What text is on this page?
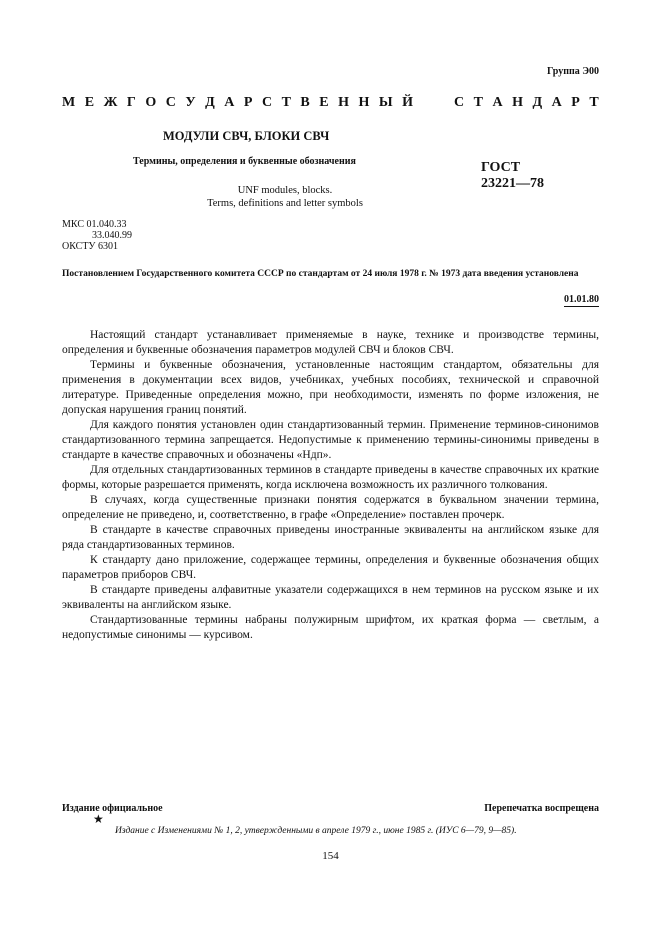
Группа Э00
М Е Ж Г О С У Д А Р С Т В Е Н Н Ы Й	С Т А Н Д А Р Т
МОДУЛИ СВЧ, БЛОКИ СВЧ
Термины, определения и буквенные обозначения
UNF modules, blocks.
Terms, definitions and letter symbols
ГОСТ
23221—78
МКС 01.040.33
33.040.99
ОКСТУ 6301
Постановлением Государственного комитета СССР по стандартам от 24 июля 1978 г. № 1973 дата введения установлена
01.01.80

Настоящий стандарт устанавливает применяемые в науке, технике и производстве термины, определения и буквенные обозначения параметров модулей СВЧ и блоков СВЧ.

Термины и буквенные обозначения, установленные настоящим стандартом, обязательны для применения в документации всех видов, учебниках, учебных пособиях, технической и справочной литературе. Приведенные определения можно, при необходимости, изменять по форме изложения, не допуская нарушения границ понятий.

Для каждого понятия установлен один стандартизованный термин. Применение терминов-синонимов стандартизованного термина запрещается. Недопустимые к применению термины-синонимы приведены в стандарте в качестве справочных и обозначены «Ндп».

Для отдельных стандартизованных терминов в стандарте приведены в качестве справочных их краткие формы, которые разрешается применять, когда исключена возможность их различного толкования.

В случаях, когда существенные признаки понятия содержатся в буквальном значении термина, определение не приведено, и, соответственно, в графе «Определение» поставлен прочерк.

В стандарте в качестве справочных приведены иностранные эквиваленты на английском языке для ряда стандартизованных терминов.

К стандарту дано приложение, содержащее термины, определения и буквенные обозначения общих параметров приборов СВЧ.

В стандарте приведены алфавитные указатели содержащихся в нем терминов на русском языке и их эквиваленты на английском языке.

Стандартизованные термины набраны полужирным шрифтом, их краткая форма — светлым, а недопустимые синонимы — курсивом.

Издание официальное	Перепечатка воспрещена
★
Издание с Изменениями № 1, 2, утвержденными в апреле 1979 г., июне 1985 г. (ИУС 6—79, 9—85).
154
